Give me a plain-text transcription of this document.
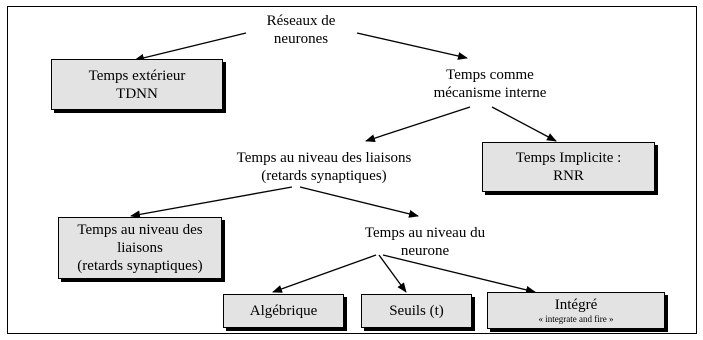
Réseaux de
neurones
Temps extérieur
TDNN
Temps comme
mécanisme interne
Temps au niveau des liaisons
(retards synaptiques)
Temps Implicite :
RNR
Temps au niveau des
liaisons
(retards synaptiques)
Temps au niveau du
neurone
Algébrique	Seuils (t)	Intégré
« integrate and fire »
